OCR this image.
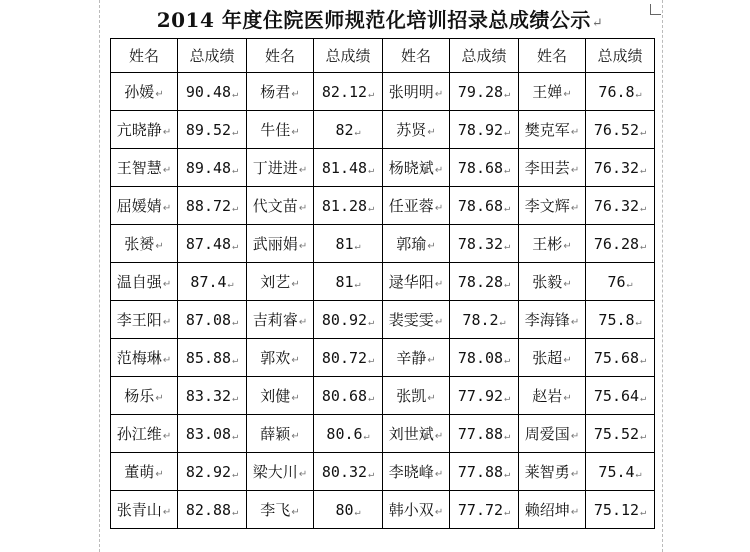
2014 年度住院医师规范化培训招录总成绩公示↵
姓名	总成绩	姓名	总成绩	姓名	总成绩	姓名	总成绩
孙媛↵	90.48↵	杨君↵	82.12↵	张明明↵	79.28↵	王婵↵	76.8↵
亢晓静↵	89.52↵	牛佳↵	82↵	苏贤↵	78.92↵	樊克军↵	76.52↵
王智慧↵	89.48↵	丁进进↵	81.48↵	杨晓斌↵	78.68↵	李田芸↵	76.32↵
屈媛婧↵	88.72↵	代文苗↵	81.28↵	任亚蓉↵	78.68↵	李文辉↵	76.32↵
张赟↵	87.48↵	武丽娟↵	81↵	郭瑜↵	78.32↵	王彬↵	76.28↵
温自强↵	87.4↵	刘艺↵	81↵	逯华阳↵	78.28↵	张毅↵	76↵
李王阳↵	87.08↵	吉莉睿↵	80.92↵	裴雯雯↵	78.2↵	李海锋↵	75.8↵
范梅琳↵	85.88↵	郭欢↵	80.72↵	辛静↵	78.08↵	张超↵	75.68↵
杨乐↵	83.32↵	刘健↵	80.68↵	张凯↵	77.92↵	赵岩↵	75.64↵
孙江维↵	83.08↵	薛颖↵	80.6↵	刘世斌↵	77.88↵	周爱国↵	75.52↵
董萌↵	82.92↵	梁大川↵	80.32↵	李晓峰↵	77.88↵	莱智勇↵	75.4↵
张青山↵	82.88↵	李飞↵	80↵	韩小双↵	77.72↵	赖绍坤↵	75.12↵
